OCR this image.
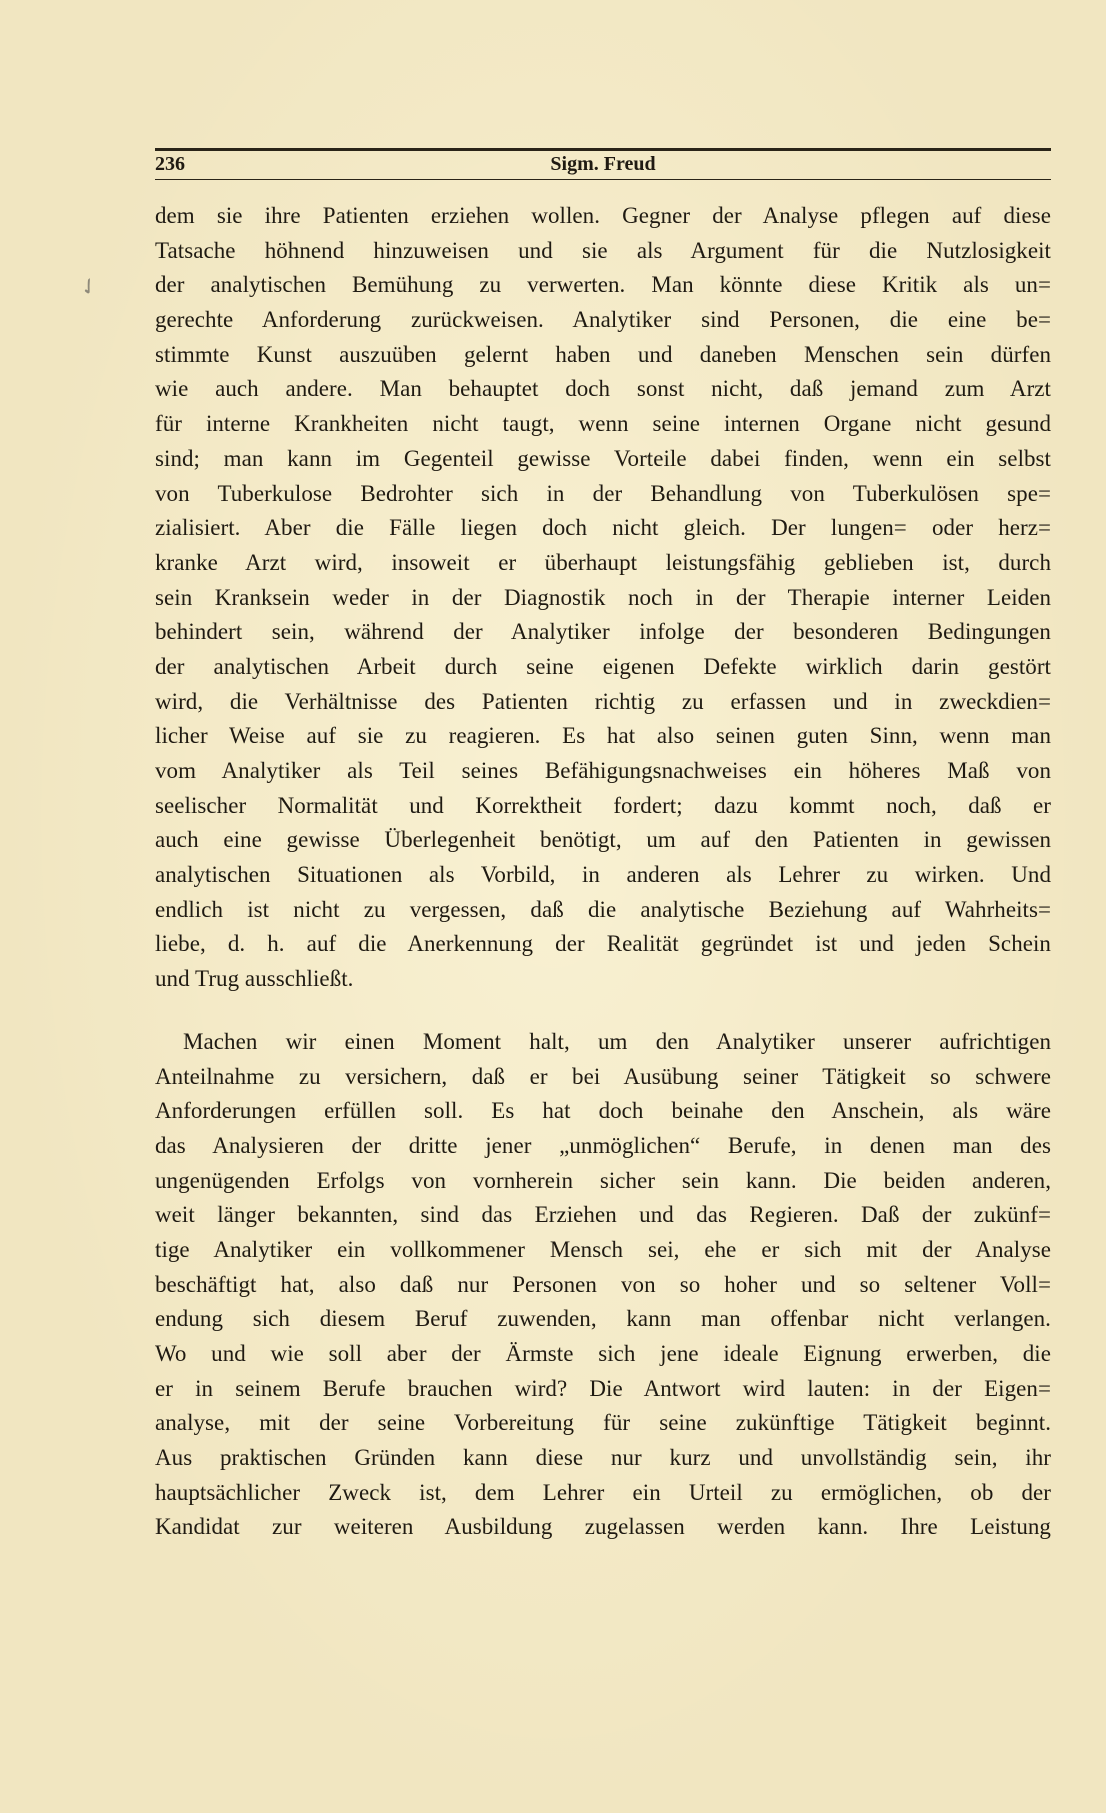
236	Sigm. Freud
✓
dem sie ihre Patienten erziehen wollen. Gegner der Analyse pflegen auf diese
Tatsache höhnend hinzuweisen und sie als Argument für die Nutzlosigkeit
der analytischen Bemühung zu verwerten. Man könnte diese Kritik als un=
gerechte Anforderung zurückweisen. Analytiker sind Personen, die eine be=
stimmte Kunst auszuüben gelernt haben und daneben Menschen sein dürfen
wie auch andere. Man behauptet doch sonst nicht, daß jemand zum Arzt
für interne Krankheiten nicht taugt, wenn seine internen Organe nicht gesund
sind; man kann im Gegenteil gewisse Vorteile dabei finden, wenn ein selbst
von Tuberkulose Bedrohter sich in der Behandlung von Tuberkulösen spe=
zialisiert. Aber die Fälle liegen doch nicht gleich. Der lungen= oder herz=
kranke Arzt wird, insoweit er überhaupt leistungsfähig geblieben ist, durch
sein Kranksein weder in der Diagnostik noch in der Therapie interner Leiden
behindert sein, während der Analytiker infolge der besonderen Bedingungen
der analytischen Arbeit durch seine eigenen Defekte wirklich darin gestört
wird, die Verhältnisse des Patienten richtig zu erfassen und in zweckdien=
licher Weise auf sie zu reagieren. Es hat also seinen guten Sinn, wenn man
vom Analytiker als Teil seines Befähigungsnachweises ein höheres Maß von
seelischer Normalität und Korrektheit fordert; dazu kommt noch, daß er
auch eine gewisse Überlegenheit benötigt, um auf den Patienten in gewissen
analytischen Situationen als Vorbild, in anderen als Lehrer zu wirken. Und
endlich ist nicht zu vergessen, daß die analytische Beziehung auf Wahrheits=
liebe, d. h. auf die Anerkennung der Realität gegründet ist und jeden Schein
und Trug ausschließt.
Machen wir einen Moment halt, um den Analytiker unserer aufrichtigen
Anteilnahme zu versichern, daß er bei Ausübung seiner Tätigkeit so schwere
Anforderungen erfüllen soll. Es hat doch beinahe den Anschein, als wäre
das Analysieren der dritte jener „unmöglichen“ Berufe, in denen man des
ungenügenden Erfolgs von vornherein sicher sein kann. Die beiden anderen,
weit länger bekannten, sind das Erziehen und das Regieren. Daß der zukünf=
tige Analytiker ein vollkommener Mensch sei, ehe er sich mit der Analyse
beschäftigt hat, also daß nur Personen von so hoher und so seltener Voll=
endung sich diesem Beruf zuwenden, kann man offenbar nicht verlangen.
Wo und wie soll aber der Ärmste sich jene ideale Eignung erwerben, die
er in seinem Berufe brauchen wird? Die Antwort wird lauten: in der Eigen=
analyse, mit der seine Vorbereitung für seine zukünftige Tätigkeit beginnt.
Aus praktischen Gründen kann diese nur kurz und unvollständig sein, ihr
hauptsächlicher Zweck ist, dem Lehrer ein Urteil zu ermöglichen, ob der
Kandidat zur weiteren Ausbildung zugelassen werden kann. Ihre Leistung
